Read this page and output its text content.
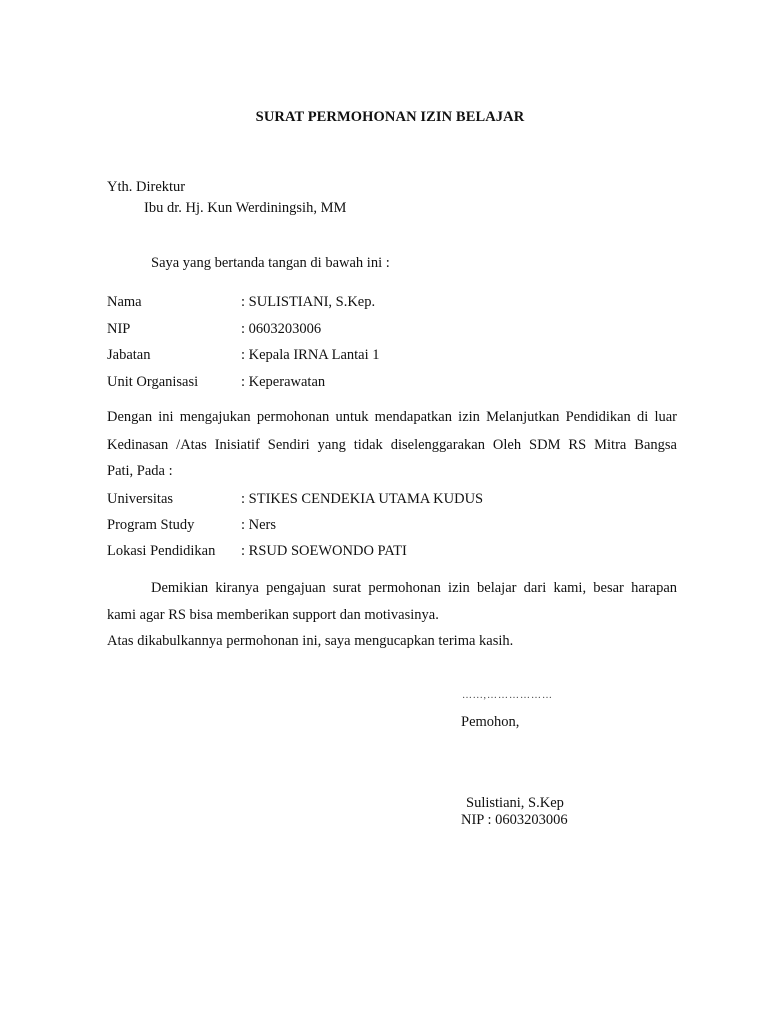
SURAT PERMOHONAN IZIN BELAJAR
Yth. Direktur
Ibu dr. Hj. Kun Werdiningsih, MM
Saya yang bertanda tangan di bawah ini :
Nama	: SULISTIANI, S.Kep.
NIP	: 0603203006
Jabatan	: Kepala IRNA Lantai 1
Unit Organisasi	: Keperawatan
Dengan ini mengajukan permohonan untuk mendapatkan izin Melanjutkan Pendidikan di luar
Kedinasan /Atas Inisiatif Sendiri yang tidak diselenggarakan Oleh SDM RS Mitra Bangsa
Pati, Pada :
Universitas	: STIKES CENDEKIA UTAMA KUDUS
Program Study	: Ners
Lokasi Pendidikan : RSUD SOEWONDO PATI
Demikian kiranya pengajuan surat permohonan izin belajar dari kami, besar harapan
kami agar RS bisa memberikan support dan motivasinya.
Atas dikabulkannya permohonan ini, saya mengucapkan terima kasih.
…...,………………
Pemohon,
Sulistiani, S.Kep
NIP : 0603203006
